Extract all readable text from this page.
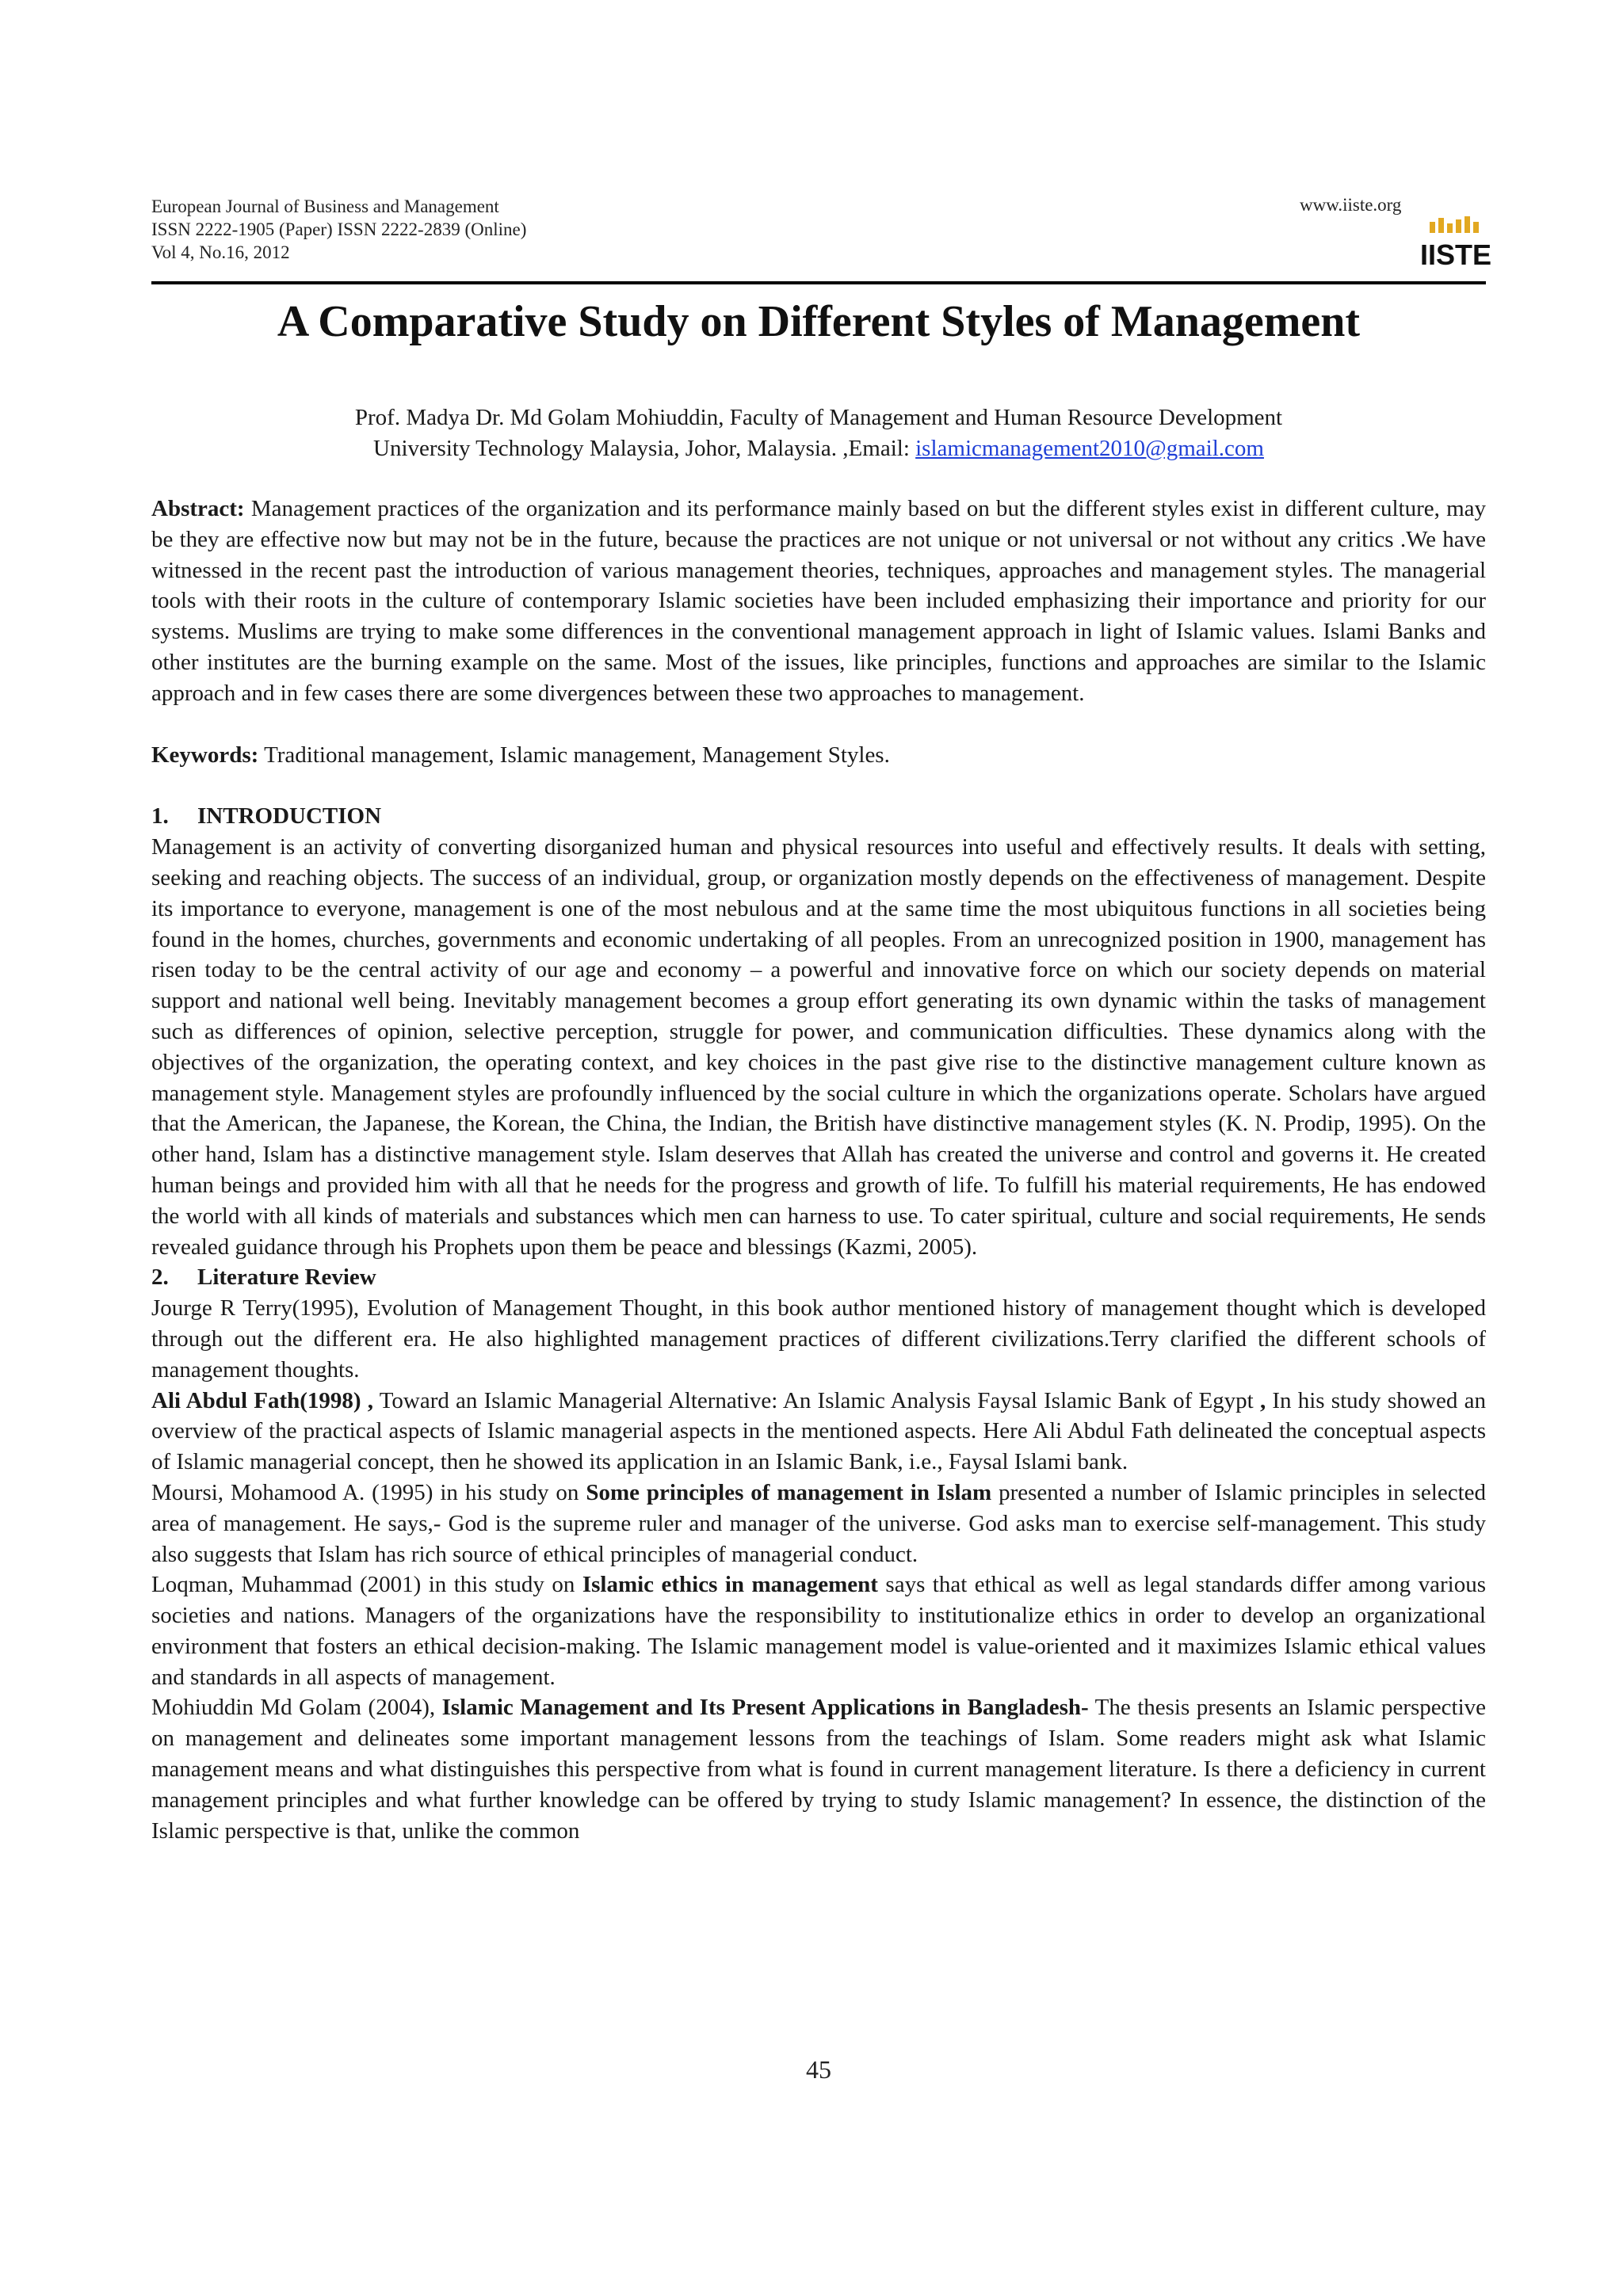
European Journal of Business and Management
ISSN 2222-1905 (Paper) ISSN 2222-2839 (Online)
Vol 4, No.16, 2012
www.iiste.org
IISTE
A Comparative Study on Different Styles of Management
Prof. Madya Dr. Md Golam Mohiuddin, Faculty of Management and Human Resource Development
University Technology Malaysia, Johor, Malaysia. ,Email: islamicmanagement2010@gmail.com

Abstract: Management practices of the organization and its performance mainly based on but the different styles exist in different culture, may be they are effective now but may not be in the future, because the practices are not unique or not universal or not without any critics .We have witnessed in the recent past the introduction of various management theories, techniques, approaches and management styles. The managerial tools with their roots in the culture of contemporary Islamic societies have been included emphasizing their importance and priority for our systems. Muslims are trying to make some differences in the conventional management approach in light of Islamic values. Islami Banks and other institutes are the burning example on the same. Most of the issues, like principles, functions and approaches are similar to the Islamic approach and in few cases there are some divergences between these two approaches to management.

Keywords: Traditional management, Islamic management, Management Styles.

1. INTRODUCTION

Management is an activity of converting disorganized human and physical resources into useful and effectively results. It deals with setting, seeking and reaching objects. The success of an individual, group, or organization mostly depends on the effectiveness of management. Despite its importance to everyone, management is one of the most nebulous and at the same time the most ubiquitous functions in all societies being found in the homes, churches, governments and economic undertaking of all peoples. From an unrecognized position in 1900, management has risen today to be the central activity of our age and economy – a powerful and innovative force on which our society depends on material support and national well being. Inevitably management becomes a group effort generating its own dynamic within the tasks of management such as differences of opinion, selective perception, struggle for power, and communication difficulties. These dynamics along with the objectives of the organization, the operating context, and key choices in the past give rise to the distinctive management culture known as management style. Management styles are profoundly influenced by the social culture in which the organizations operate. Scholars have argued that the American, the Japanese, the Korean, the China, the Indian, the British have distinctive management styles (K. N. Prodip, 1995). On the other hand, Islam has a distinctive management style. Islam deserves that Allah has created the universe and control and governs it. He created human beings and provided him with all that he needs for the progress and growth of life. To fulfill his material requirements, He has endowed the world with all kinds of materials and substances which men can harness to use. To cater spiritual, culture and social requirements, He sends revealed guidance through his Prophets upon them be peace and blessings (Kazmi, 2005).

2. Literature Review

Jourge R Terry(1995), Evolution of Management Thought, in this book author mentioned history of management thought which is developed through out the different era. He also highlighted management practices of different civilizations.Terry clarified the different schools of management thoughts.

Ali Abdul Fath(1998) , Toward an Islamic Managerial Alternative: An Islamic Analysis Faysal Islamic Bank of Egypt , In his study showed an overview of the practical aspects of Islamic managerial aspects in the mentioned aspects. Here Ali Abdul Fath delineated the conceptual aspects of Islamic managerial concept, then he showed its application in an Islamic Bank, i.e., Faysal Islami bank.

Moursi, Mohamood A. (1995) in his study on Some principles of management in Islam presented a number of Islamic principles in selected area of management. He says,- God is the supreme ruler and manager of the universe. God asks man to exercise self-management. This study also suggests that Islam has rich source of ethical principles of managerial conduct.

Loqman, Muhammad (2001) in this study on Islamic ethics in management says that ethical as well as legal standards differ among various societies and nations. Managers of the organizations have the responsibility to institutionalize ethics in order to develop an organizational environment that fosters an ethical decision-making. The Islamic management model is value-oriented and it maximizes Islamic ethical values and standards in all aspects of management.

Mohiuddin Md Golam (2004), Islamic Management and Its Present Applications in Bangladesh- The thesis presents an Islamic perspective on management and delineates some important management lessons from the teachings of Islam. Some readers might ask what Islamic management means and what distinguishes this perspective from what is found in current management literature. Is there a deficiency in current management principles and what further knowledge can be offered by trying to study Islamic management? In essence, the distinction of the Islamic perspective is that, unlike the common

45
